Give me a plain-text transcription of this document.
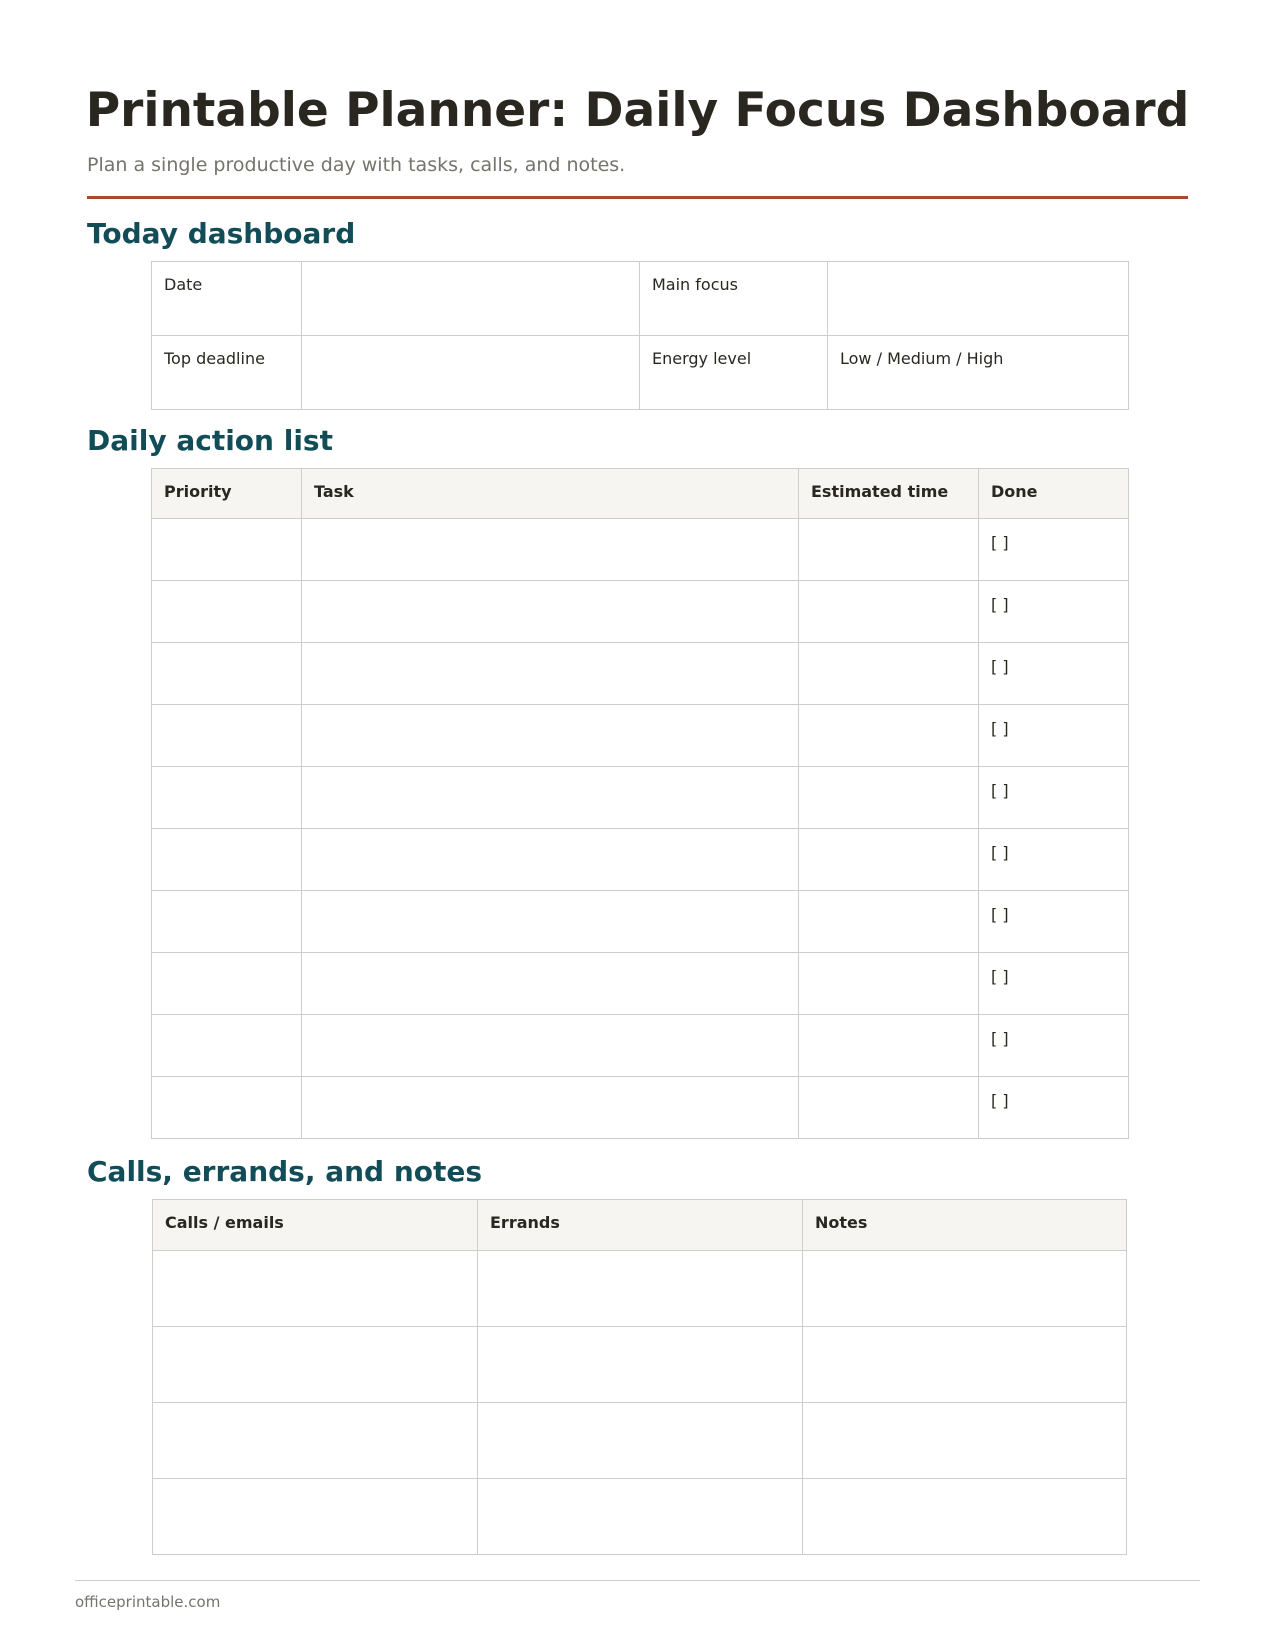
Printable Planner: Daily Focus Dashboard
Plan a single productive day with tasks, calls, and notes.
Today dashboard
Date		Main focus	
Top deadline		Energy level	Low / Medium / High
Daily action list
Priority	Task	Estimated time	Done
			[ ]
			[ ]
			[ ]
			[ ]
			[ ]
			[ ]
			[ ]
			[ ]
			[ ]
			[ ]
Calls, errands, and notes
Calls / emails	Errands	Notes

officeprintable.com
